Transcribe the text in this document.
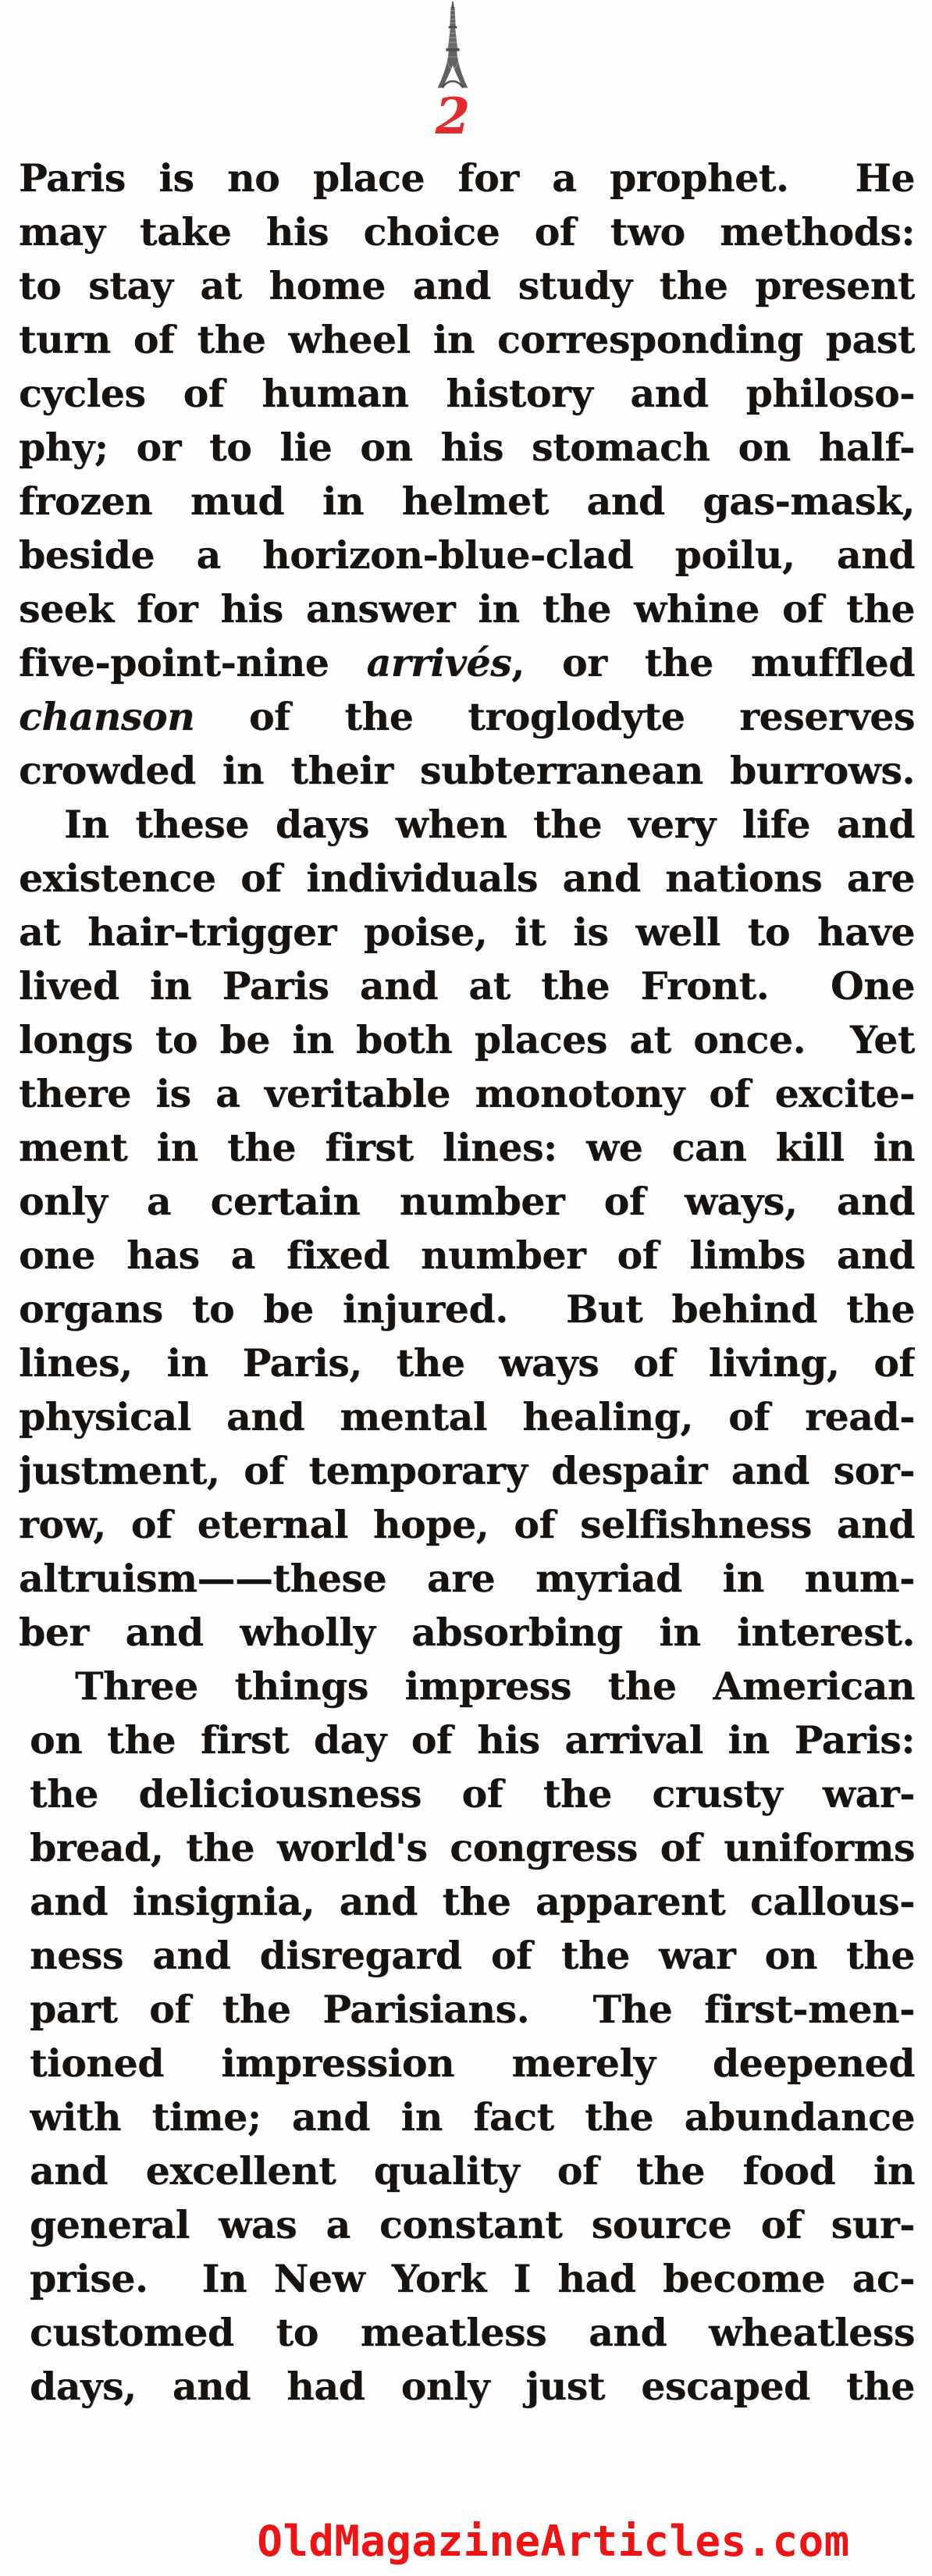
2
Paris is no place for a prophet.  He
may take his choice of two methods:
to stay at home and study the present
turn of the wheel in corresponding past
cycles of human history and philoso-
phy; or to lie on his stomach on half-
frozen mud in helmet and gas-mask,
beside a horizon-blue-clad poilu, and
seek for his answer in the whine of the
five-point-nine arrivés, or the muffled
chanson of the troglodyte reserves
crowded in their subterranean burrows.
In these days when the very life and
existence of individuals and nations are
at hair-trigger poise, it is well to have
lived in Paris and at the Front.  One
longs to be in both places at once.  Yet
there is a veritable monotony of excite-
ment in the first lines: we can kill in
only a certain number of ways, and
one has a fixed number of limbs and
organs to be injured.  But behind the
lines, in Paris, the ways of living, of
physical and mental healing, of read-
justment, of temporary despair and sor-
row, of eternal hope, of selfishness and
altruism——these are myriad in num-
ber and wholly absorbing in interest.
Three things impress the American
on the first day of his arrival in Paris:
the deliciousness of the crusty war-
bread, the world's congress of uniforms
and insignia, and the apparent callous-
ness and disregard of the war on the
part of the Parisians.  The first-men-
tioned impression merely deepened
with time; and in fact the abundance
and excellent quality of the food in
general was a constant source of sur-
prise.  In New York I had become ac-
customed to meatless and wheatless
days, and had only just escaped the
OldMagazineArticles.com
